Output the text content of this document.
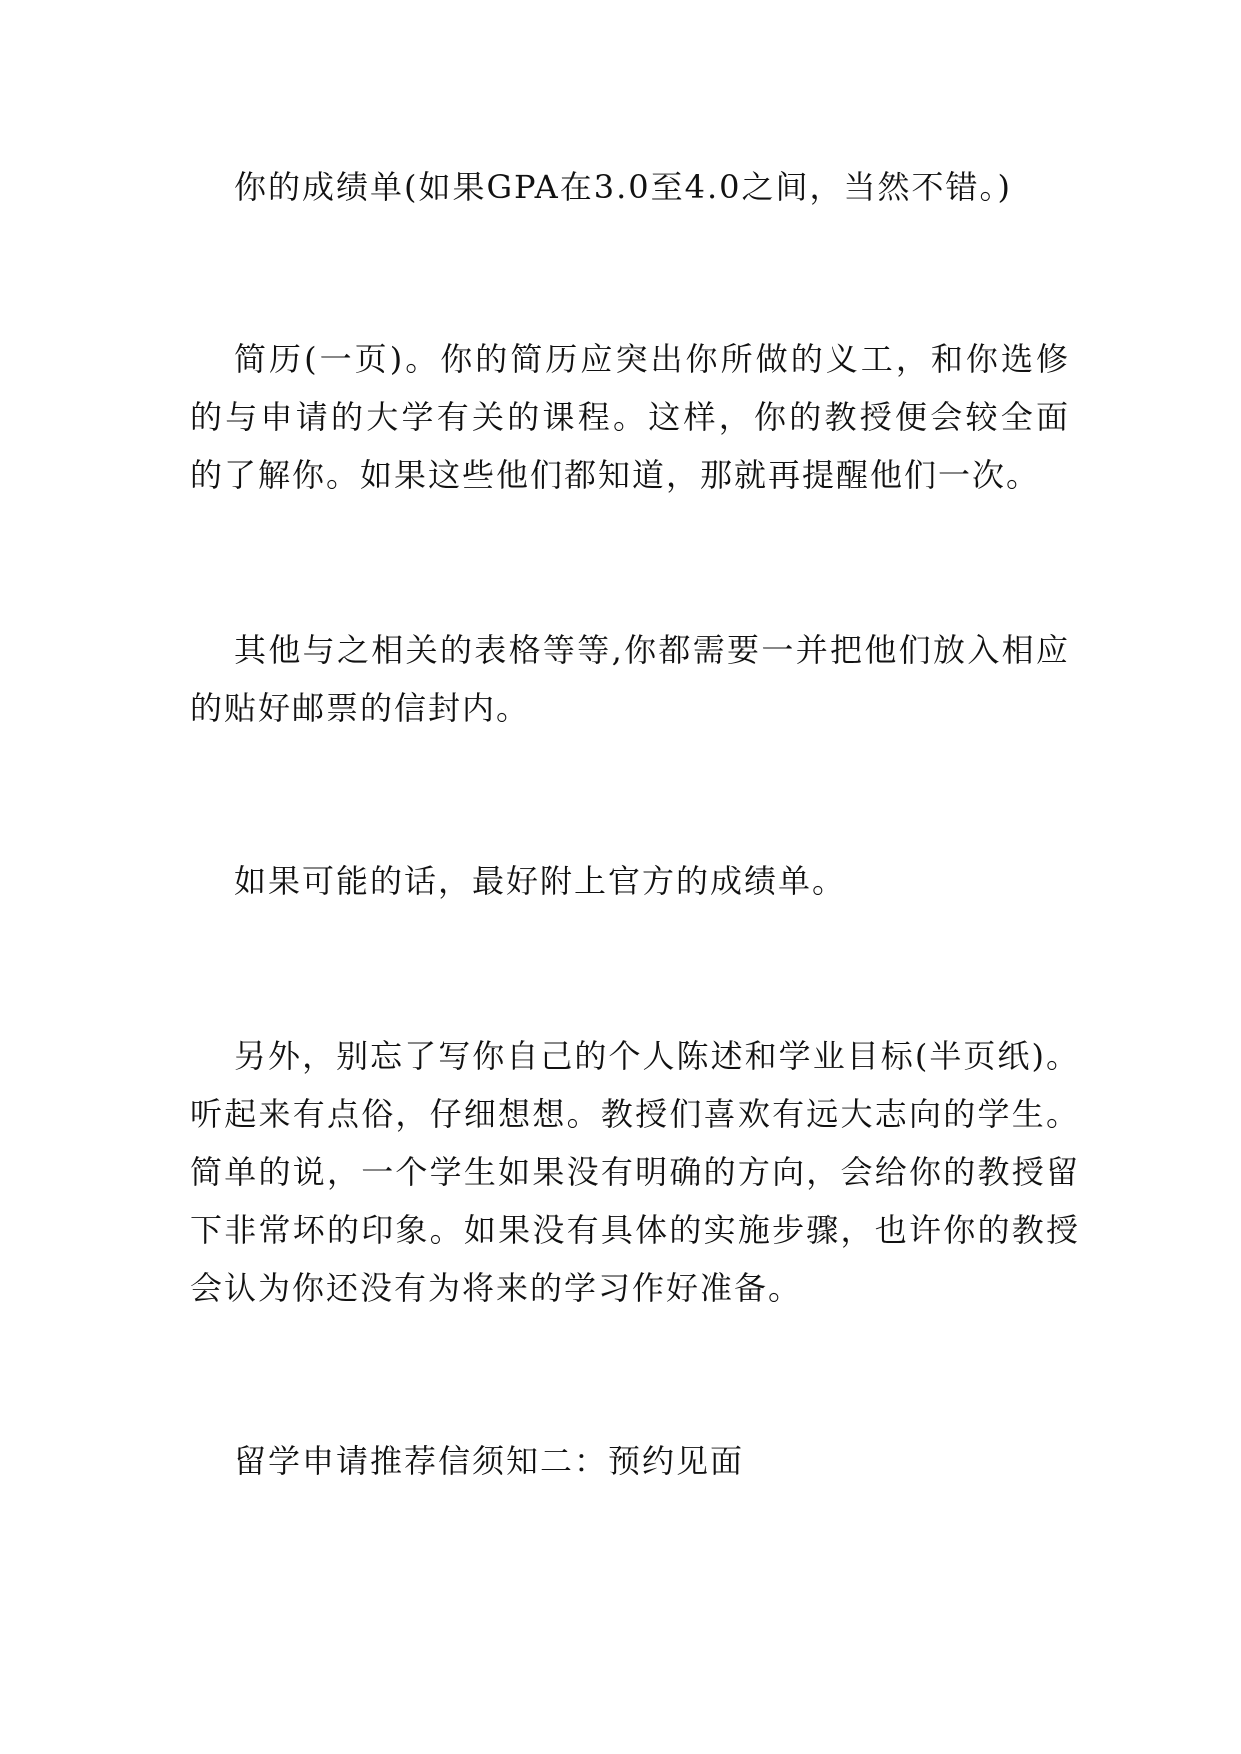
你的成绩单(如果GPA在3.0至4.0之间，当然不错。)

简历(一页)。你的简历应突出你所做的义工，和你选修的与申请的大学有关的课程。这样，你的教授便会较全面的了解你。如果这些他们都知道，那就再提醒他们一次。

其他与之相关的表格等等,你都需要一并把他们放入相应的贴好邮票的信封内。

如果可能的话，最好附上官方的成绩单。

另外，别忘了写你自己的个人陈述和学业目标(半页纸)。听起来有点俗，仔细想想。教授们喜欢有远大志向的学生。简单的说，一个学生如果没有明确的方向，会给你的教授留下非常坏的印象。如果没有具体的实施步骤，也许你的教授会认为你还没有为将来的学习作好准备。

留学申请推荐信须知二：预约见面
